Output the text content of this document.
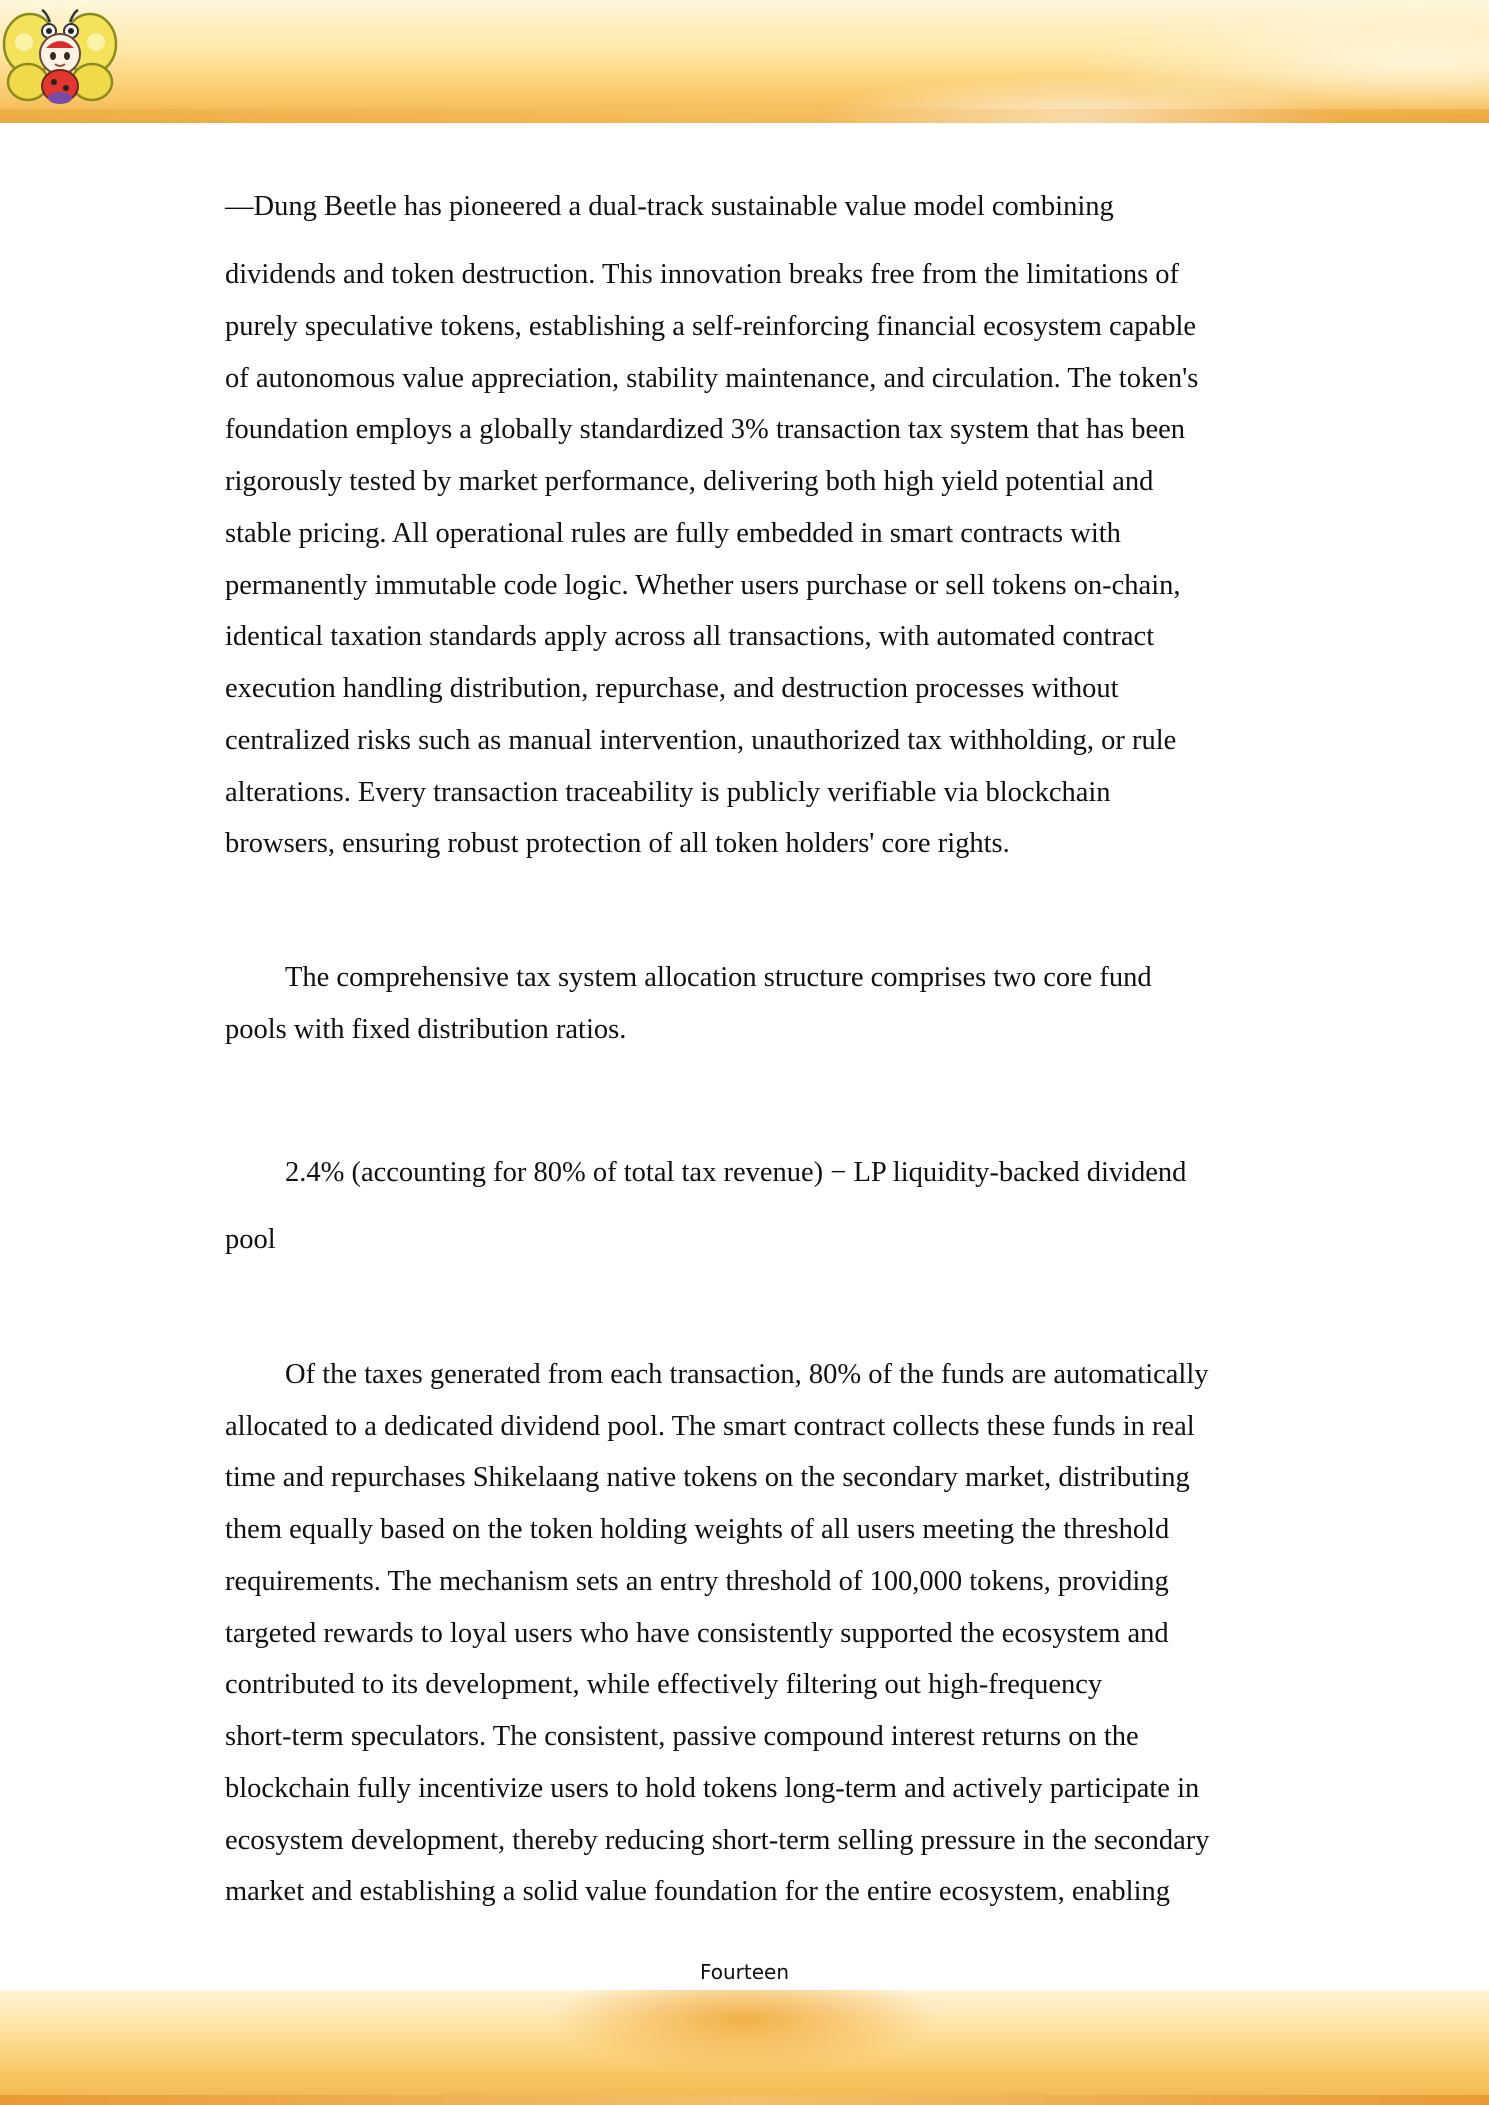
—Dung Beetle has pioneered a dual-track sustainable value model combining
dividends and token destruction. This innovation breaks free from the limitations of
purely speculative tokens, establishing a self-reinforcing financial ecosystem capable
of autonomous value appreciation, stability maintenance, and circulation. The token's
foundation employs a globally standardized 3% transaction tax system that has been
rigorously tested by market performance, delivering both high yield potential and
stable pricing. All operational rules are fully embedded in smart contracts with
permanently immutable code logic. Whether users purchase or sell tokens on-chain,
identical taxation standards apply across all transactions, with automated contract
execution handling distribution, repurchase, and destruction processes without
centralized risks such as manual intervention, unauthorized tax withholding, or rule
alterations. Every transaction traceability is publicly verifiable via blockchain
browsers, ensuring robust protection of all token holders' core rights.
The comprehensive tax system allocation structure comprises two core fund
pools with fixed distribution ratios.
2.4% (accounting for 80% of total tax revenue) − LP liquidity-backed dividend
pool
Of the taxes generated from each transaction, 80% of the funds are automatically
allocated to a dedicated dividend pool. The smart contract collects these funds in real
time and repurchases Shikelaang native tokens on the secondary market, distributing
them equally based on the token holding weights of all users meeting the threshold
requirements. The mechanism sets an entry threshold of 100,000 tokens, providing
targeted rewards to loyal users who have consistently supported the ecosystem and
contributed to its development, while effectively filtering out high-frequency
short-term speculators. The consistent, passive compound interest returns on the
blockchain fully incentivize users to hold tokens long-term and actively participate in
ecosystem development, thereby reducing short-term selling pressure in the secondary
market and establishing a solid value foundation for the entire ecosystem, enabling
Fourteen
